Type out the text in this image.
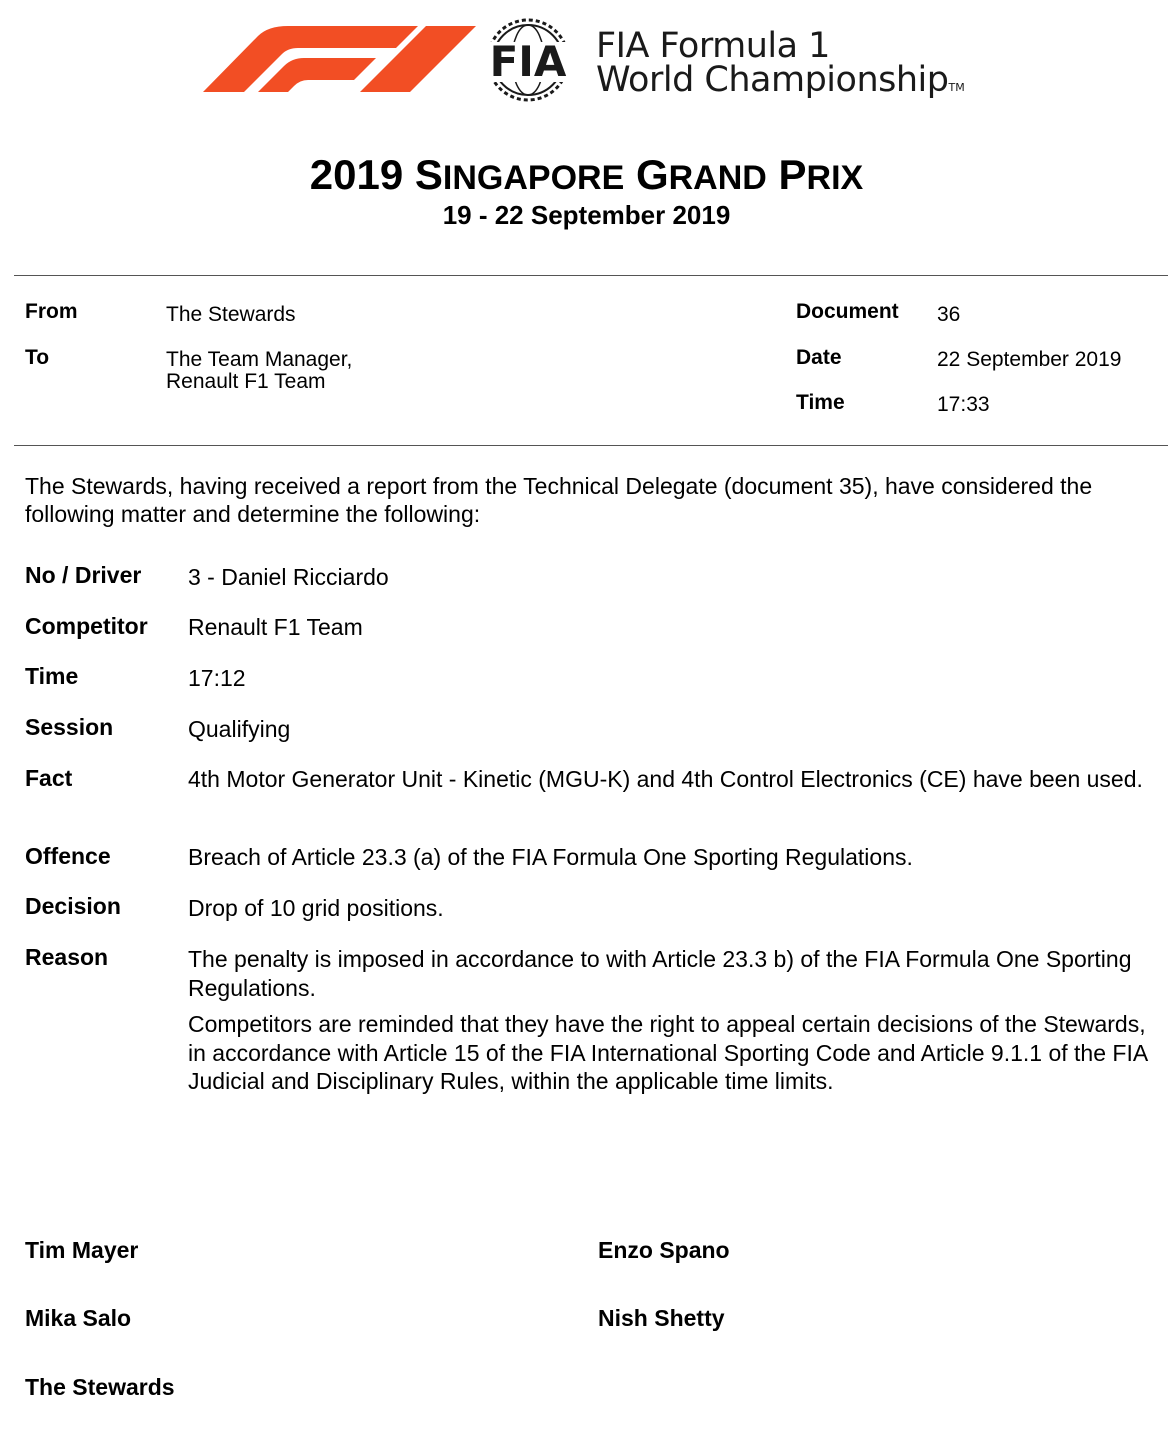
FIA FIA Formula 1
World ChampionshipTM
2019 SINGAPORE GRAND PRIX
19 - 22 September 2019
From	The Stewards
To	The Team Manager,
Renault F1 Team
Document 36
Date	22 September 2019
Time	17:33
The Stewards, having received a report from the Technical Delegate (document 35), have considered the following matter and determine the following:
No / Driver 3 - Daniel Ricciardo
Competitor Renault F1 Team
Time	17:12
Session	Qualifying
Fact	4th Motor Generator Unit - Kinetic (MGU-K) and 4th Control Electronics (CE) have been used.
Offence	Breach of Article 23.3 (a) of the FIA Formula One Sporting Regulations.
Decision	Drop of 10 grid positions.
Reason	The penalty is imposed in accordance to with Article 23.3 b) of the FIA Formula One Sporting Regulations.
Competitors are reminded that they have the right to appeal certain decisions of the Stewards, in accordance with Article 15 of the FIA International Sporting Code and Article 9.1.1 of the FIA Judicial and Disciplinary Rules, within the applicable time limits.
Tim Mayer	Enzo Spano
Mika Salo	Nish Shetty
The Stewards
